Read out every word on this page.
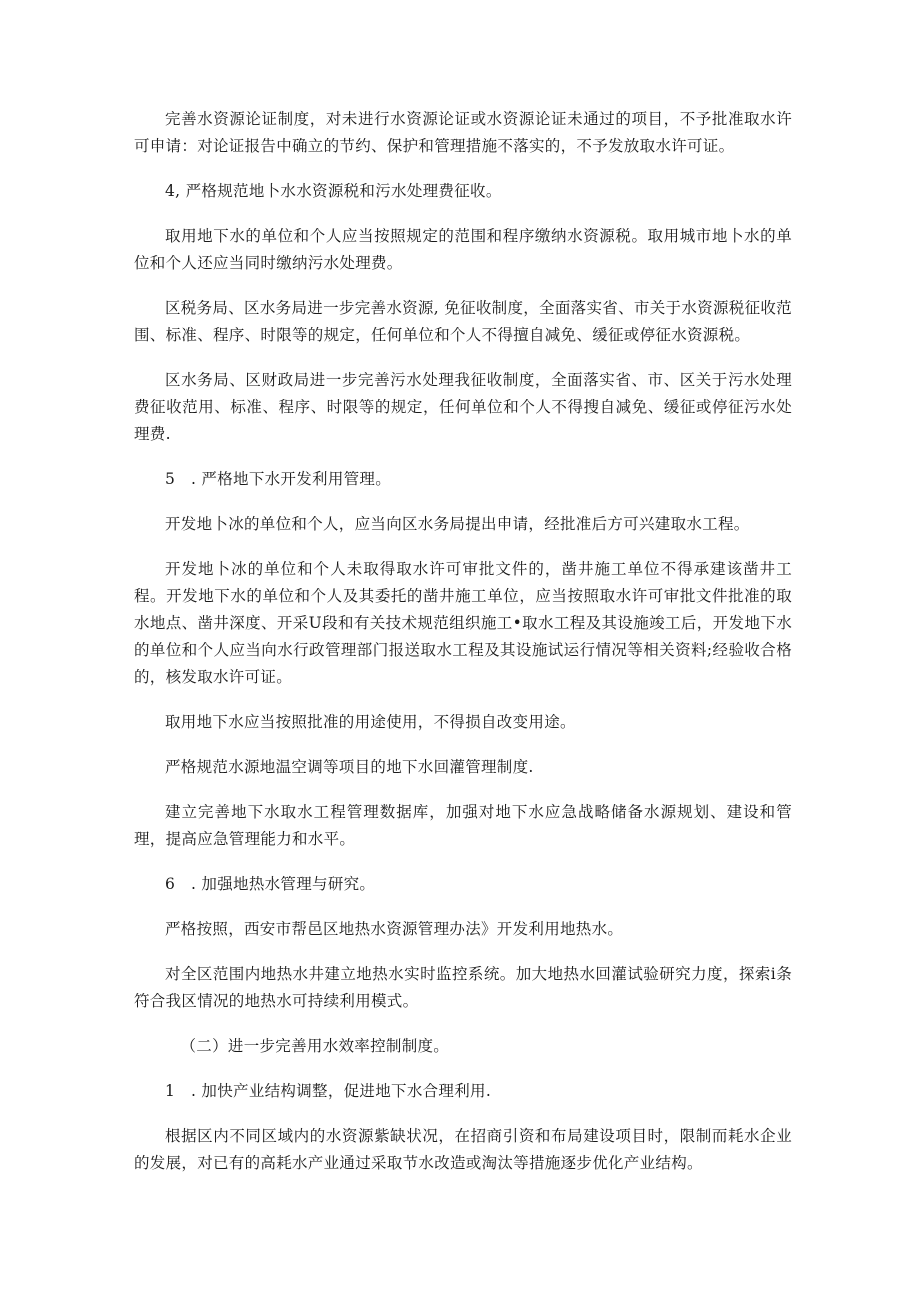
完善水资源论证制度，对未进行水资源论证或水资源论证未通过的项目，不予批准取水许可申请：对论证报告中确立的节约、保护和管理措施不落实的，不予发放取水许可证。

4, 严格规范地卜水水资源税和污水处理费征收。

取用地下水的单位和个人应当按照规定的范围和程序缴纳水资源税。取用城市地卜水的单位和个人还应当同时缴纳污水处理费。

区税务局、区水务局进一步完善水资源, 免征收制度，全面落实省、市关于水资源税征收范围、标准、程序、时限等的规定，任何单位和个人不得擅自减免、缓征或停征水资源税。

区水务局、区财政局进一步完善污水处理我征收制度，全面落实省、市、区关于污水处理费征收范用、标准、程序、时限等的规定，任何单位和个人不得搜自减免、缓征或停征污水处理费.

5　. 严格地下水开发利用管理。

开发地卜冰的单位和个人，应当向区水务局提出申请，经批准后方可兴建取水工程。

开发地卜冰的单位和个人未取得取水许可审批文件的，凿井施工单位不得承建该凿井工程。开发地下水的单位和个人及其委托的凿井施工单位，应当按照取水许可审批文件批准的取水地点、凿井深度、开采U段和有关技术规范组织施工•取水工程及其设施竣工后，开发地下水的单位和个人应当向水行政管理部门报送取水工程及其设施试运行情况等相关资料;经验收合格的，核发取水许可证。

取用地下水应当按照批准的用途使用，不得损自改变用途。

严格规范水源地温空调等项目的地下水回灌管理制度.

建立完善地下水取水工程管理数据库，加强对地下水应急战略储备水源规划、建设和管理，提高应急管理能力和水平。

6　. 加强地热水管理与研究。

严格按照，西安市帮邑区地热水资源管理办法》开发利用地热水。

对全区范围内地热水井建立地热水实时监控系统。加大地热水回灌试验研究力度，探索i条符合我区情况的地热水可持续利用模式。

（二）进一步完善用水效率控制制度。

1　. 加快产业结构调整，促进地下水合理利用.

根据区内不同区域内的水资源紫缺状况，在招商引资和布局建设项目时，限制而耗水企业的发展，对已有的高耗水产业通过采取节水改造或淘汰等措施逐步优化产业结构。
